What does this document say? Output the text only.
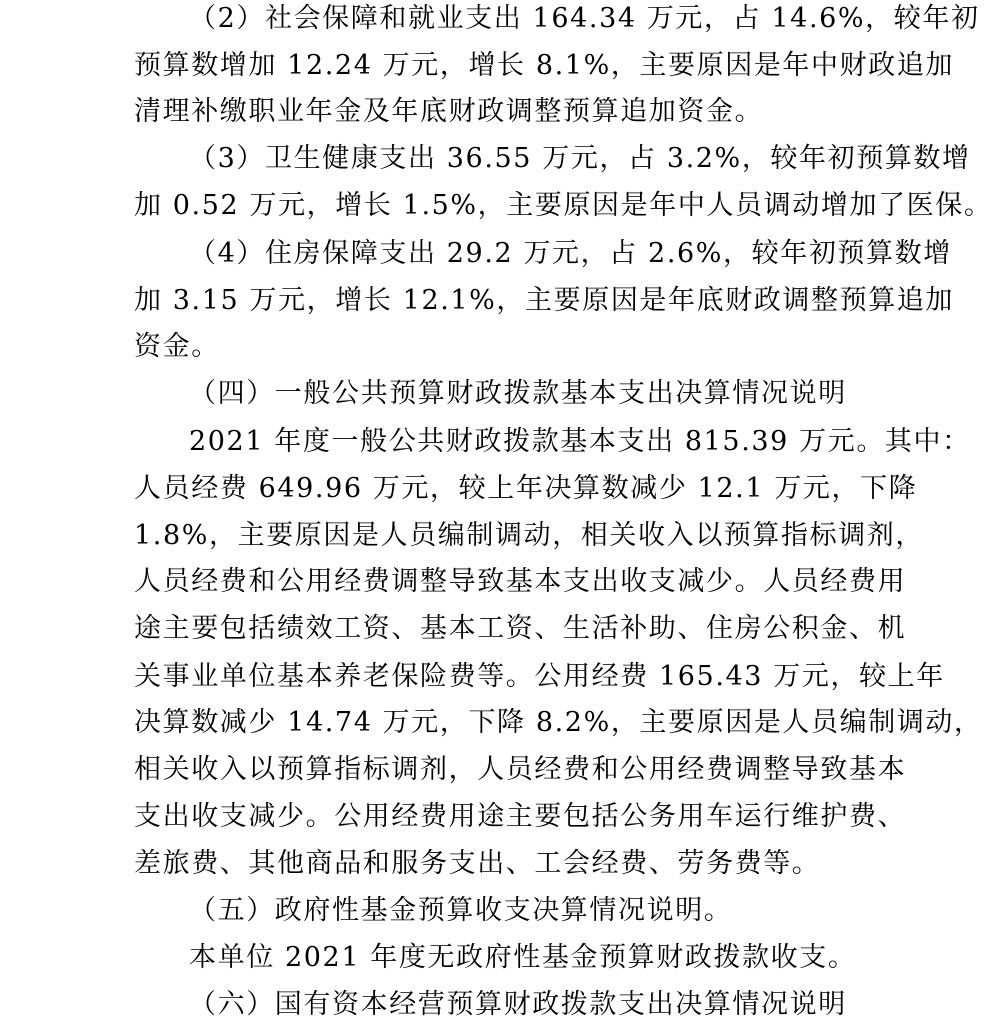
（2）社会保障和就业支出 164.34 万元，占 14.6%，较年初
预算数增加 12.24 万元，增长 8.1%，主要原因是年中财政追加
清理补缴职业年金及年底财政调整预算追加资金。
（3）卫生健康支出 36.55 万元，占 3.2%，较年初预算数增
加 0.52 万元，增长 1.5%，主要原因是年中人员调动增加了医保。
（4）住房保障支出 29.2 万元，占 2.6%，较年初预算数增
加 3.15 万元，增长 12.1%，主要原因是年底财政调整预算追加
资金。
（四）一般公共预算财政拨款基本支出决算情况说明
2021 年度一般公共财政拨款基本支出 815.39 万元。其中：
人员经费 649.96 万元，较上年决算数减少 12.1 万元，下降
1.8%，主要原因是人员编制调动，相关收入以预算指标调剂，
人员经费和公用经费调整导致基本支出收支减少。人员经费用
途主要包括绩效工资、基本工资、生活补助、住房公积金、机
关事业单位基本养老保险费等。公用经费 165.43 万元，较上年
决算数减少 14.74 万元，下降 8.2%，主要原因是人员编制调动，
相关收入以预算指标调剂，人员经费和公用经费调整导致基本
支出收支减少。公用经费用途主要包括公务用车运行维护费、
差旅费、其他商品和服务支出、工会经费、劳务费等。
（五）政府性基金预算收支决算情况说明。
本单位 2021 年度无政府性基金预算财政拨款收支。
（六）国有资本经营预算财政拨款支出决算情况说明
